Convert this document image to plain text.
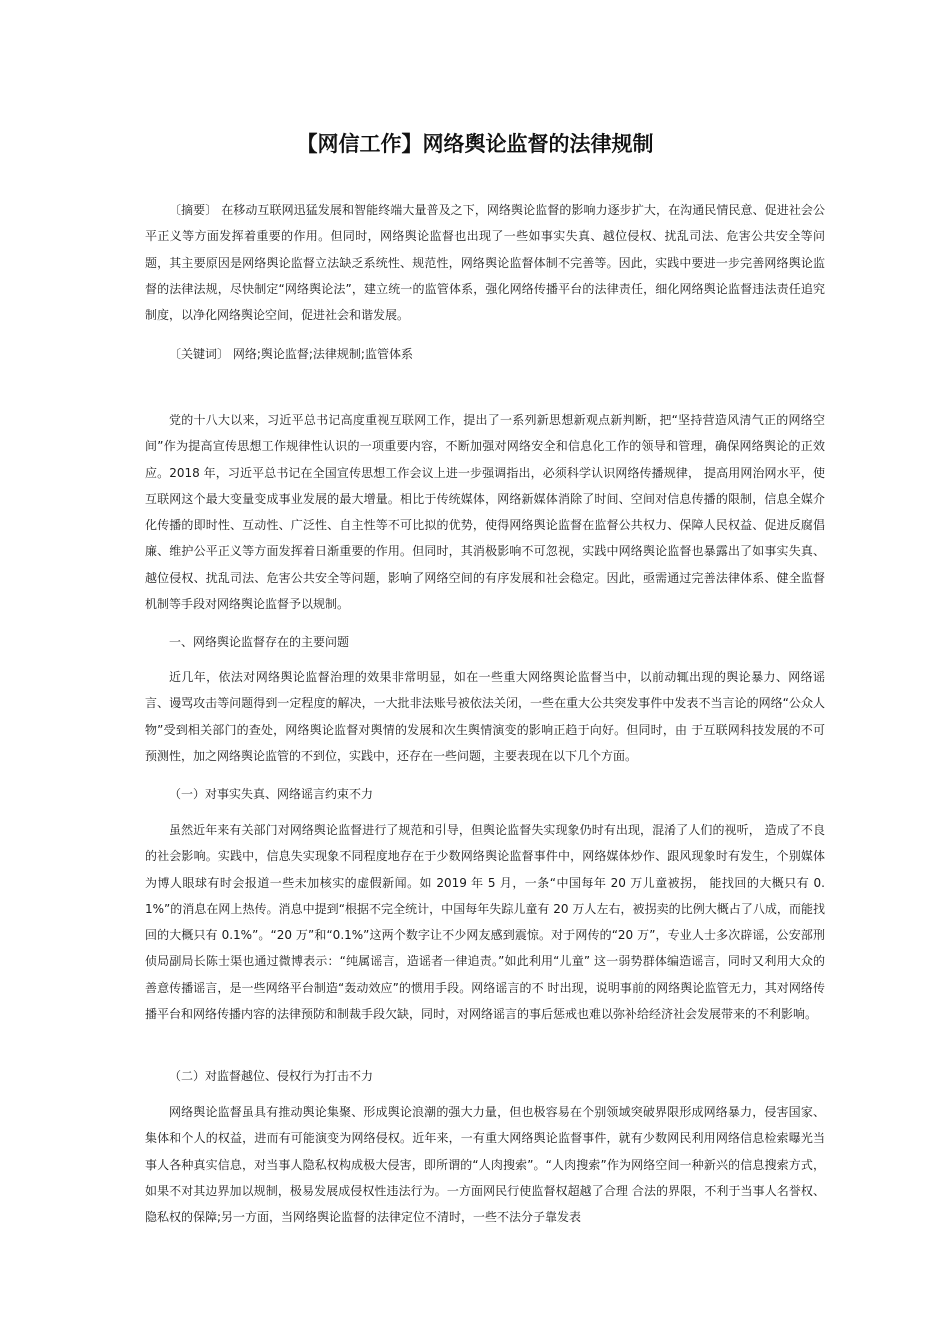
【网信工作】网络舆论监督的法律规制

〔摘要〕 在移动互联网迅猛发展和智能终端大量普及之下，网络舆论监督的影响力逐步扩大，在沟通民情民意、促进社会公平正义等方面发挥着重要的作用。但同时，网络舆论监督也出现了一些如事实失真、越位侵权、扰乱司法、危害公共安全等问题，其主要原因是网络舆论监督立法缺乏系统性、规范性，网络舆论监督体制不完善等。因此，实践中要进一步完善网络舆论监督的法律法规，尽快制定“网络舆论法”，建立统一的监管体系，强化网络传播平台的法律责任，细化网络舆论监督违法责任追究制度，以净化网络舆论空间，促进社会和谐发展。

〔关键词〕 网络;舆论监督;法律规制;监管体系

党的十八大以来，习近平总书记高度重视互联网工作，提出了一系列新思想新观点新判断，把“坚持营造风清气正的网络空间”作为提高宣传思想工作规律性认识的一项重要内容，不断加强对网络安全和信息化工作的领导和管理，确保网络舆论的正效应。2018 年，习近平总书记在全国宣传思想工作会议上进一步强调指出，必须科学认识网络传播规律， 提高用网治网水平，使互联网这个最大变量变成事业发展的最大增量。相比于传统媒体，网络新媒体消除了时间、空间对信息传播的限制，信息全媒介化传播的即时性、互动性、广泛性、自主性等不可比拟的优势，使得网络舆论监督在监督公共权力、保障人民权益、促进反腐倡廉、维护公平正义等方面发挥着日渐重要的作用。但同时，其消极影响不可忽视，实践中网络舆论监督也暴露出了如事实失真、越位侵权、扰乱司法、危害公共安全等问题，影响了网络空间的有序发展和社会稳定。因此，亟需通过完善法律体系、健全监督机制等手段对网络舆论监督予以规制。

一、网络舆论监督存在的主要问题

近几年，依法对网络舆论监督治理的效果非常明显，如在一些重大网络舆论监督当中，以前动辄出现的舆论暴力、网络谣言、谩骂攻击等问题得到一定程度的解决，一大批非法账号被依法关闭，一些在重大公共突发事件中发表不当言论的网络“公众人物”受到相关部门的查处，网络舆论监督对舆情的发展和次生舆情演变的影响正趋于向好。但同时，由 于互联网科技发展的不可预测性，加之网络舆论监管的不到位，实践中，还存在一些问题，主要表现在以下几个方面。

（一）对事实失真、网络谣言约束不力

虽然近年来有关部门对网络舆论监督进行了规范和引导，但舆论监督失实现象仍时有出现，混淆了人们的视听， 造成了不良的社会影响。实践中，信息失实现象不同程度地存在于少数网络舆论监督事件中，网络媒体炒作、跟风现象时有发生，个别媒体为博人眼球有时会报道一些未加核实的虚假新闻。如 2019 年 5 月，一条“中国每年 20 万儿童被拐， 能找回的大概只有 0.1%”的消息在网上热传。消息中提到“根据不完全统计，中国每年失踪儿童有 20 万人左右，被拐卖的比例大概占了八成，而能找回的大概只有 0.1%”。“20 万”和“0.1%”这两个数字让不少网友感到震惊。对于网传的“20 万”，专业人士多次辟谣，公安部刑侦局副局长陈士渠也通过微博表示：“纯属谣言，造谣者一律追责。”如此利用“儿童” 这一弱势群体编造谣言，同时又利用大众的善意传播谣言，是一些网络平台制造“轰动效应”的惯用手段。网络谣言的不 时出现，说明事前的网络舆论监管无力，其对网络传播平台和网络传播内容的法律预防和制裁手段欠缺，同时，对网络谣言的事后惩戒也难以弥补给经济社会发展带来的不利影响。

（二）对监督越位、侵权行为打击不力

网络舆论监督虽具有推动舆论集聚、形成舆论浪潮的强大力量，但也极容易在个别领域突破界限形成网络暴力，侵害国家、集体和个人的权益，进而有可能演变为网络侵权。近年来，一有重大网络舆论监督事件，就有少数网民利用网络信息检索曝光当事人各种真实信息，对当事人隐私权构成极大侵害，即所谓的“人肉搜索”。“人肉搜索”作为网络空间一种新兴的信息搜索方式，如果不对其边界加以规制，极易发展成侵权性违法行为。一方面网民行使监督权超越了合理 合法的界限，不利于当事人名誉权、隐私权的保障;另一方面，当网络舆论监督的法律定位不清时，一些不法分子靠发表
